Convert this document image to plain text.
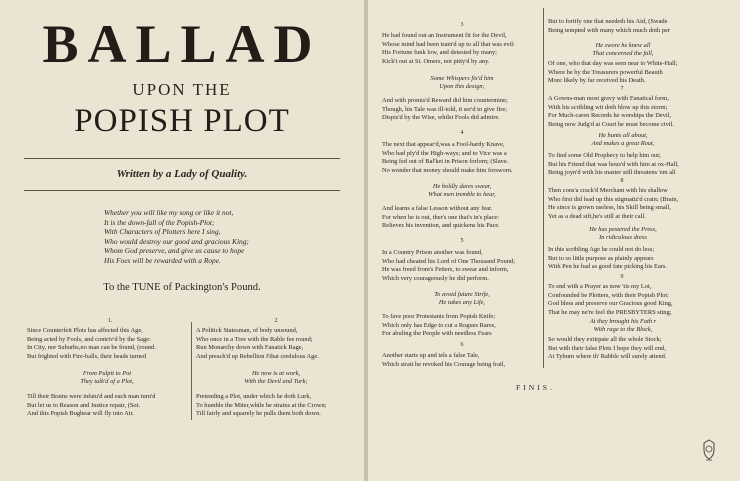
BALLAD
UPON THE
POPISH PLOT
Written by a Lady of Quality.
Whether you will like my song or like it not,
It is the down-fall of the Popish-Plot;
With Characters of Plotters here I sing,
Who would destroy our good and gracious King;
Whom God preserve, and give us cause to hope
His Foes will be rewarded with a Rope.
To the TUNE of Packington's Pound.
1.
Since Counterfeit Plots has affected this Age,
Being acted by Fools, and contriv'd by the Sage:
In City, nor Suburbs,no man can be found, (round.
But frighted with Fire-balls, their heads turned
From Pulpit to Pot
They talk'd of a Plot,
Till their Brains were infatu'd and each man turn'd
But let us to Reason and Justice repair, (Sot.
And this Popish Bugbear will fly into Air.
2
A Politick Statesman, of body unsound,
Who once in a Tree with the Rable fee round;
Run Monarchy down with Fanatick Rage,
And preach'd up Rebellion I'that credulous Age.
He now is at work,
With the Devil and Turk;
Pretending a Plot, under which he doth Lurk,
To humble the Miter,while he strains at the Crown;
Till fairly and squarely he pulls them both down.
3
He had found out an Instrument fit for the Devil,
Whose mind had been train'd up to all that was evil:
His Fortune funk low, and detested by many;
Kick't out at St. Omers, not pitty'd by any.
Some Whispers fix'd him
Upon this design;
And with promis'd Reward did him countermine;
Though, his Tale was ill-told, it ser'd to give fire;
Dispis'd by the Wise, whilst Fools did admire.
4
The next that appear'd,was a Fool-hardy Knave,
Who had ply'd the High-ways; and to Vice was a
Being fed out of Bal'ket in Prison forlorn; (Slave.
No wonder that money should make him forsworn.
He boldly dares swear,
What men tremble to hear,
And learns a false Lesson without any fear.
For when he is out, ther's one that's in's place:
Relieves his invention, and quickens his Pace.
5
In a Country Prison another was found,
Who had cheated his Lord of One Thousand Pound;
He was freed from's Fetters, to swear and inform,
Which very courageously he did perform.
To avoid future Strife,
He takes any Life,
To fave poor Protestants from Popish Knife;
Which only has Edge to cut a Rogues Rares,
For abuling the People with needless Fears
6
Another starts up and tels a false Tale,
Which strait he revoked his Courage being frail,
But to fortify one that needeth his Aid, (Swade
Being tempted with many which much doth per
He swore he knew all
That concerned the fall,
Of one, who that day was seen near to White-Hall;
Where he by the Treasurers powerful Beauth
More likely by far received his Death.
7
A Gowns-man most gravy with Fanatical form,
With his scribling wit doth blow up this storm;
For Much-caren Records he worships the Devil,
Being now Judg'd at Court he must become civil.
He hunts all about,
And makes a great Rout,
To find some Old Prophecy to help him out;
But his Friend that was hous'd with him at ox-Hall,
Being joyn'd with his master still threatens 'em all
8
Then cons'a crack'd Merchant with his shallow
Who first did lead up this stigmatiz'd crain; (Brain,
He since is grown useless, his Skill being small,
Yet as a dead sift,he's still at their call.
He has pestered the Press,
In ridiculous dress
In this scribling Age he could not do less;
But to so little purpose as plainly appears
With Pen he had as good fate picking his Ears.
9
To end with a Prayer as now 'tis my Lot,
Confounded be Plotters, with their Popish Plot:
God bless and preserve our Gracious good King,
That he may ne're feel the PRESBYTERS sting;
At they brought his Fath r
With rage to the Block,
So would they extirpate all the whole Stock;
But with their false Plots I hope they will end,
At Tyburn where th' Rabble will surely attend.
FINIS.
